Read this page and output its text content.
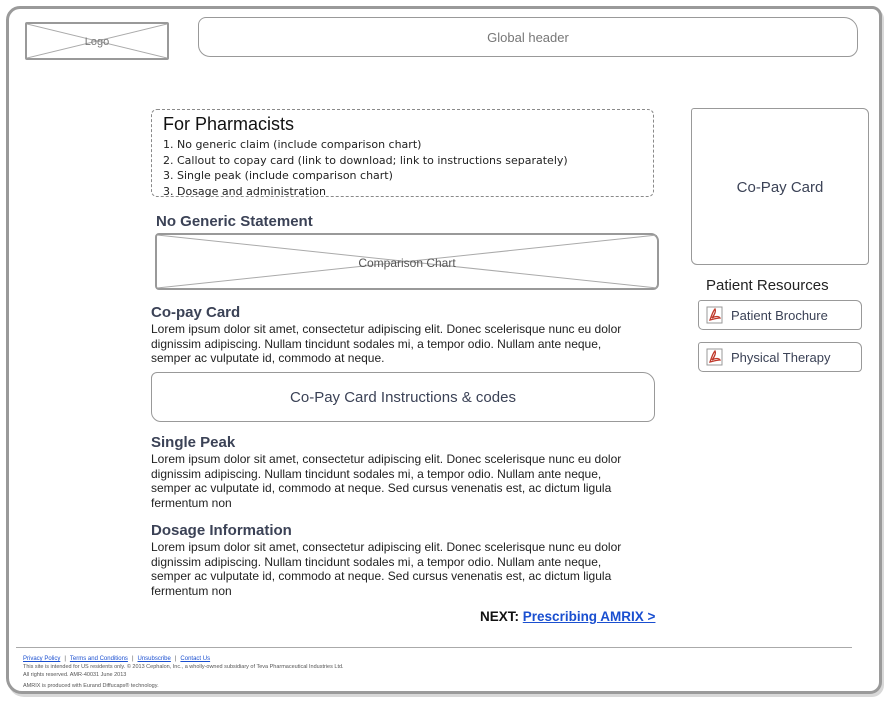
Logo	Global header
For Pharmacists
1. No generic claim (include comparison chart)
2. Callout to copay card (link to download; link to instructions separately)
3. Single peak (include comparison chart)
3. Dosage and administration
No Generic Statement
Comparison Chart
Co-pay Card
Lorem ipsum dolor sit amet, consectetur adipiscing elit. Donec scelerisque nunc eu dolor dignissim adipiscing. Nullam tincidunt sodales mi, a tempor odio. Nullam ante neque, semper ac vulputate id, commodo at neque.
Co-Pay Card Instructions & codes
Single Peak
Lorem ipsum dolor sit amet, consectetur adipiscing elit. Donec scelerisque nunc eu dolor dignissim adipiscing. Nullam tincidunt sodales mi, a tempor odio. Nullam ante neque, semper ac vulputate id, commodo at neque. Sed cursus venenatis est, ac dictum ligula fermentum non
Dosage Information
Lorem ipsum dolor sit amet, consectetur adipiscing elit. Donec scelerisque nunc eu dolor dignissim adipiscing. Nullam tincidunt sodales mi, a tempor odio. Nullam ante neque, semper ac vulputate id, commodo at neque. Sed cursus venenatis est, ac dictum ligula fermentum non
NEXT: Prescribing AMRIX >
Co-Pay Card
Patient Resources
Patient Brochure
Physical Therapy
Privacy Policy | Terms and Conditions | Unsubscribe | Contact Us
This site is intended for US residents only. © 2013 Cephalon, Inc., a wholly-owned subsidiary of Teva Pharmaceutical Industries Ltd.
All rights reserved. AMR-40031 June 2013
AMRIX is produced with Eurand Diffucaps® technology.
